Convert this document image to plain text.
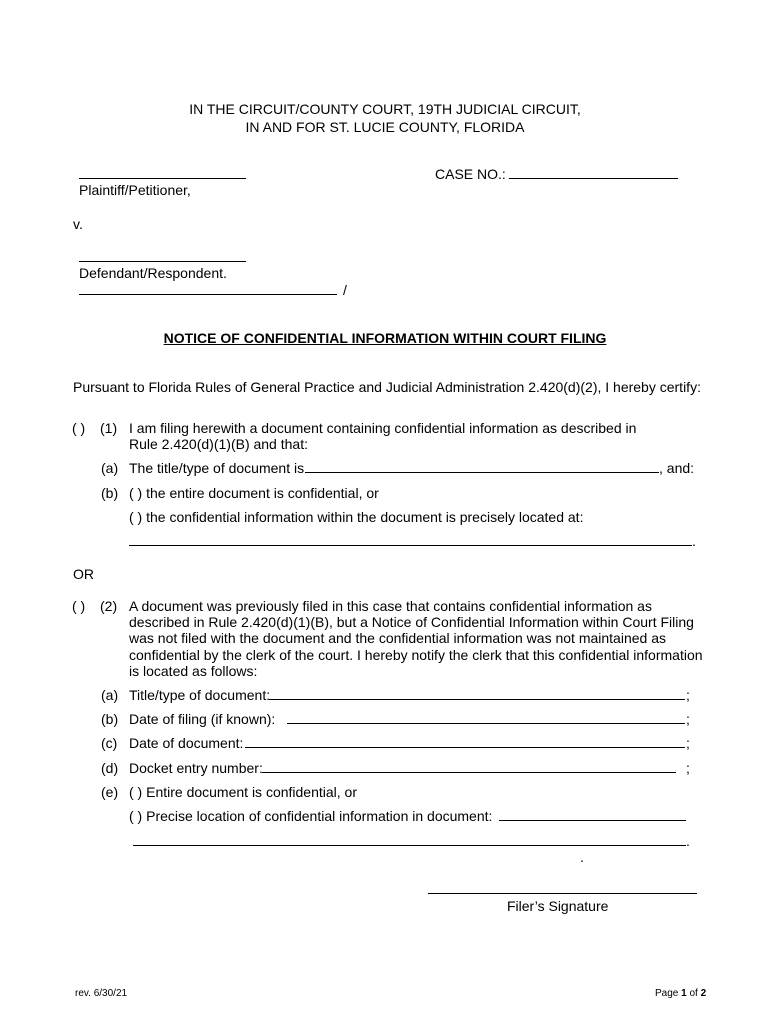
IN THE CIRCUIT/COUNTY COURT, 19TH JUDICIAL CIRCUIT,
IN AND FOR ST. LUCIE COUNTY, FLORIDA
Plaintiff/Petitioner,
CASE NO.:
v.
Defendant/Respondent.
/
NOTICE OF CONFIDENTIAL INFORMATION WITHIN COURT FILING
Pursuant to Florida Rules of General Practice and Judicial Administration 2.420(d)(2), I hereby certify:
( ) (1) I am filing herewith a document containing confidential information as described in
Rule 2.420(d)(1)(B) and that:
(a) The title/type of document is	, and:
(b) ( ) the entire document is confidential, or
( ) the confidential information within the document is precisely located at:
.
OR
( ) (2) A document was previously filed in this case that contains confidential information as
described in Rule 2.420(d)(1)(B), but a Notice of Confidential Information within Court Filing
was not filed with the document and the confidential information was not maintained as
confidential by the clerk of the court. I hereby notify the clerk that this confidential information
is located as follows:
(a) Title/type of document:	;
(b) Date of filing (if known):	;
(c) Date of document:	;
(d) Docket entry number:	;
(e) ( ) Entire document is confidential, or
( ) Precise location of confidential information in document:
.
.
Filer’s Signature
rev. 6/30/21	Page 1 of 2
